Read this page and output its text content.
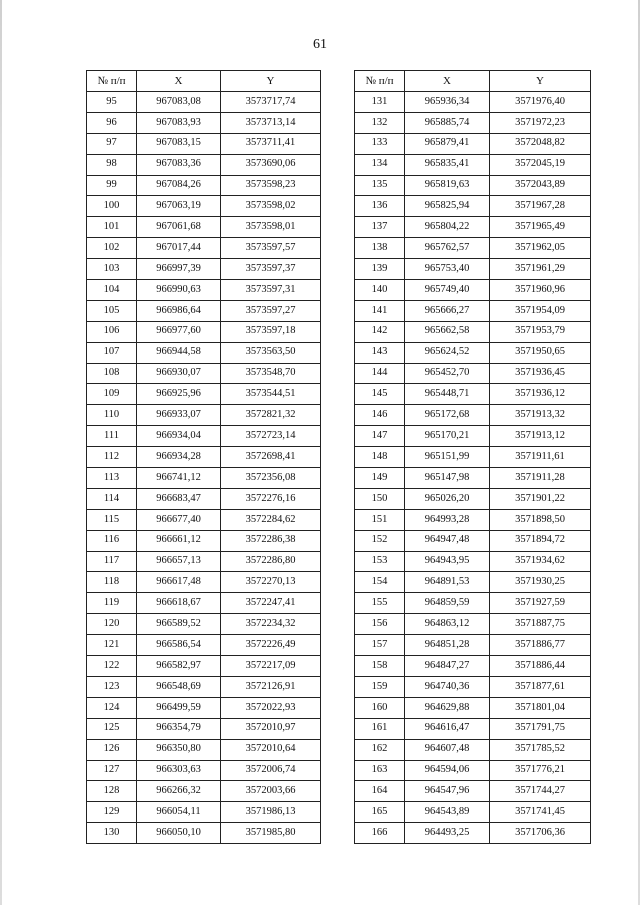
61
№ п/п	X	Y
95	967083,08	3573717,74
96	967083,93	3573713,14
97	967083,15	3573711,41
98	967083,36	3573690,06
99	967084,26	3573598,23
100	967063,19	3573598,02
101	967061,68	3573598,01
102	967017,44	3573597,57
103	966997,39	3573597,37
104	966990,63	3573597,31
105	966986,64	3573597,27
106	966977,60	3573597,18
107	966944,58	3573563,50
108	966930,07	3573548,70
109	966925,96	3573544,51
110	966933,07	3572821,32
111	966934,04	3572723,14
112	966934,28	3572698,41
113	966741,12	3572356,08
114	966683,47	3572276,16
115	966677,40	3572284,62
116	966661,12	3572286,38
117	966657,13	3572286,80
118	966617,48	3572270,13
119	966618,67	3572247,41
120	966589,52	3572234,32
121	966586,54	3572226,49
122	966582,97	3572217,09
123	966548,69	3572126,91
124	966499,59	3572022,93
125	966354,79	3572010,97
126	966350,80	3572010,64
127	966303,63	3572006,74
128	966266,32	3572003,66
129	966054,11	3571986,13
130	966050,10	3571985,80
№ п/п	X	Y
131	965936,34	3571976,40
132	965885,74	3571972,23
133	965879,41	3572048,82
134	965835,41	3572045,19
135	965819,63	3572043,89
136	965825,94	3571967,28
137	965804,22	3571965,49
138	965762,57	3571962,05
139	965753,40	3571961,29
140	965749,40	3571960,96
141	965666,27	3571954,09
142	965662,58	3571953,79
143	965624,52	3571950,65
144	965452,70	3571936,45
145	965448,71	3571936,12
146	965172,68	3571913,32
147	965170,21	3571913,12
148	965151,99	3571911,61
149	965147,98	3571911,28
150	965026,20	3571901,22
151	964993,28	3571898,50
152	964947,48	3571894,72
153	964943,95	3571934,62
154	964891,53	3571930,25
155	964859,59	3571927,59
156	964863,12	3571887,75
157	964851,28	3571886,77
158	964847,27	3571886,44
159	964740,36	3571877,61
160	964629,88	3571801,04
161	964616,47	3571791,75
162	964607,48	3571785,52
163	964594,06	3571776,21
164	964547,96	3571744,27
165	964543,89	3571741,45
166	964493,25	3571706,36
